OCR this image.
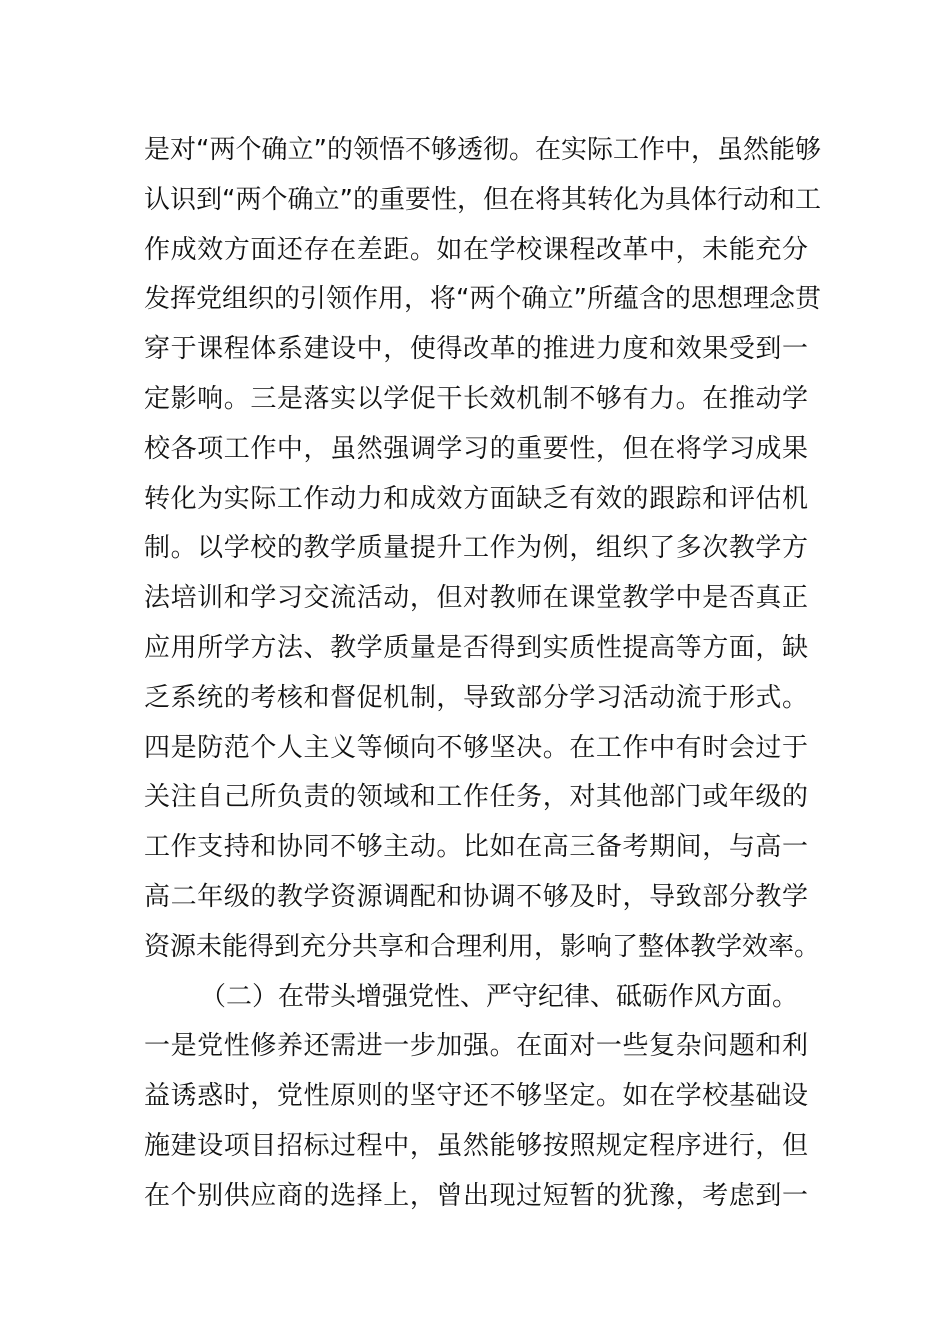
是对“两个确立”的领悟不够透彻。在实际工作中，虽然能够
认识到“两个确立”的重要性，但在将其转化为具体行动和工
作成效方面还存在差距。如在学校课程改革中，未能充分
发挥党组织的引领作用，将“两个确立”所蕴含的思想理念贯
穿于课程体系建设中，使得改革的推进力度和效果受到一
定影响。三是落实以学促干长效机制不够有力。在推动学
校各项工作中，虽然强调学习的重要性，但在将学习成果
转化为实际工作动力和成效方面缺乏有效的跟踪和评估机
制。以学校的教学质量提升工作为例，组织了多次教学方
法培训和学习交流活动，但对教师在课堂教学中是否真正
应用所学方法、教学质量是否得到实质性提高等方面，缺
乏系统的考核和督促机制，导致部分学习活动流于形式。
四是防范个人主义等倾向不够坚决。在工作中有时会过于
关注自己所负责的领域和工作任务，对其他部门或年级的
工作支持和协同不够主动。比如在高三备考期间，与高一
高二年级的教学资源调配和协调不够及时，导致部分教学
资源未能得到充分共享和合理利用，影响了整体教学效率。
（二）在带头增强党性、严守纪律、砥砺作风方面。
一是党性修养还需进一步加强。在面对一些复杂问题和利
益诱惑时，党性原则的坚守还不够坚定。如在学校基础设
施建设项目招标过程中，虽然能够按照规定程序进行，但
在个别供应商的选择上，曾出现过短暂的犹豫，考虑到一
